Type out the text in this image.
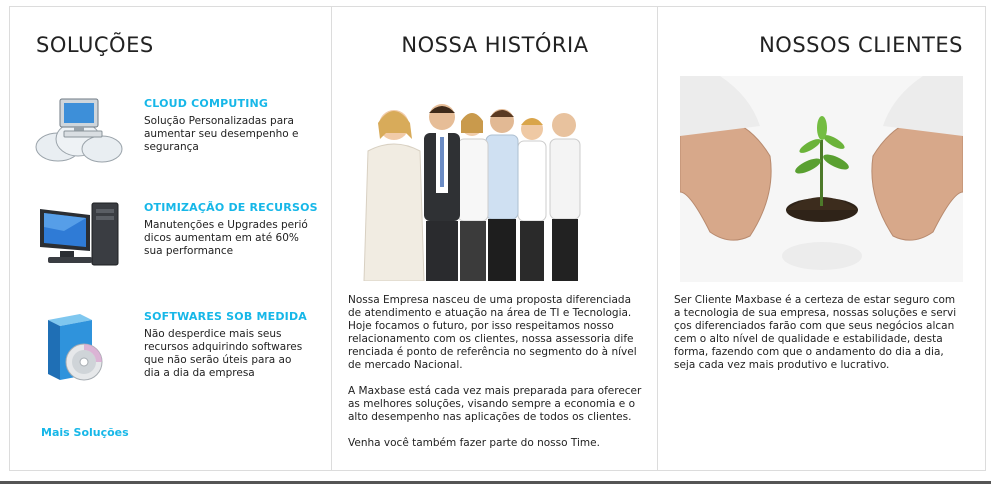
SOLUÇÕES
CLOUD COMPUTING
Solução Personalizadas para
aumentar seu desempenho e
segurança
OTIMIZAÇÃO DE RECURSOS
Manutenções e Upgrades perió
dicos aumentam em até 60%
sua performance
SOFTWARES SOB MEDIDA
Não desperdice mais seus
recursos adquirindo softwares
que não serão úteis para ao
dia a dia da empresa
Mais Soluções
NOSSA HISTÓRIA
Nossa Empresa nasceu de uma proposta diferenciada
de atendimento e atuação na área de TI e Tecnologia.
Hoje focamos o futuro, por isso respeitamos nosso
relacionamento com os clientes, nossa assessoria dife
renciada é ponto de referência no segmento do à nível
de mercado Nacional.

A Maxbase está cada vez mais preparada para oferecer
as melhores soluções, visando sempre a economia e o
alto desempenho nas aplicações de todos os clientes.

Venha você também fazer parte do nosso Time.
NOSSOS CLIENTES
Ser Cliente Maxbase é a certeza de estar seguro com
a tecnologia de sua empresa, nossas soluções e servi
ços diferenciados farão com que seus negócios alcan
cem o alto nível de qualidade e estabilidade, desta
forma, fazendo com que o andamento do dia a dia,
seja cada vez mais produtivo e lucrativo.
